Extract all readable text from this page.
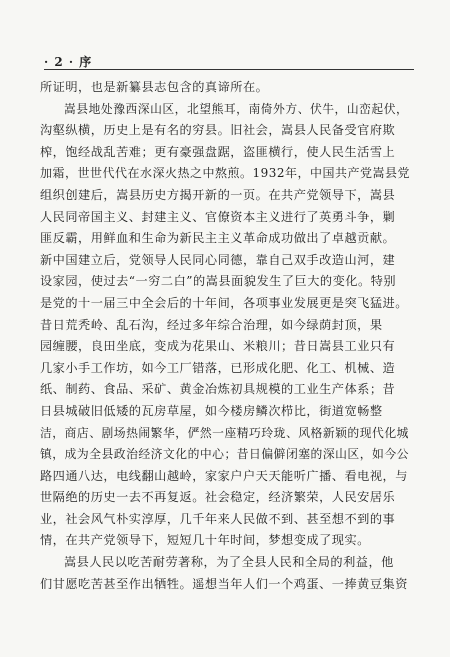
· 2 · 序
所证明，也是新纂县志包含的真谛所在。
嵩县地处豫西深山区，北望熊耳，南倚外方、伏牛，山峦起伏，
沟壑纵横，历史上是有名的穷县。旧社会，嵩县人民备受官府欺
榨，饱经战乱苦难；更有豪强盘踞，盗匪横行，使人民生活雪上
加霜，世世代代在水深火热之中熬煎。1932年，中国共产党嵩县党
组织创建后，嵩县历史方揭开新的一页。在共产党领导下，嵩县
人民同帝国主义、封建主义、官僚资本主义进行了英勇斗争，剿
匪反霸，用鲜血和生命为新民主主义革命成功做出了卓越贡献。
新中国建立后，党领导人民同心同德，靠自己双手改造山河，建
设家园，使过去“一穷二白”的嵩县面貌发生了巨大的变化。特别
是党的十一届三中全会后的十年间，各项事业发展更是突飞猛进。
昔日荒秃岭、乱石沟，经过多年综合治理，如今绿荫封顶，果
园缠腰，良田坐底，变成为花果山、米粮川；昔日嵩县工业只有
几家小手工作坊，如今工厂错落，已形成化肥、化工、机械、造
纸、制药、食品、采矿、黄金冶炼初具规模的工业生产体系；昔
日县城破旧低矮的瓦房草屋，如今楼房鳞次栉比，街道宽畅整
洁，商店、剧场热闹繁华，俨然一座精巧玲珑、风格新颖的现代化城
镇，成为全县政治经济文化的中心；昔日偏僻闭塞的深山区，如今公
路四通八达，电线翻山越岭，家家户户天天能听广播、看电视，与
世隔绝的历史一去不再复返。社会稳定，经济繁荣，人民安居乐
业，社会风气朴实淳厚，几千年来人民做不到、甚至想不到的事
情，在共产党领导下，短短几十年时间，梦想变成了现实。
嵩县人民以吃苦耐劳著称，为了全县人民和全局的利益，他
们甘愿吃苦甚至作出牺牲。遥想当年人们一个鸡蛋、一捧黄豆集资
